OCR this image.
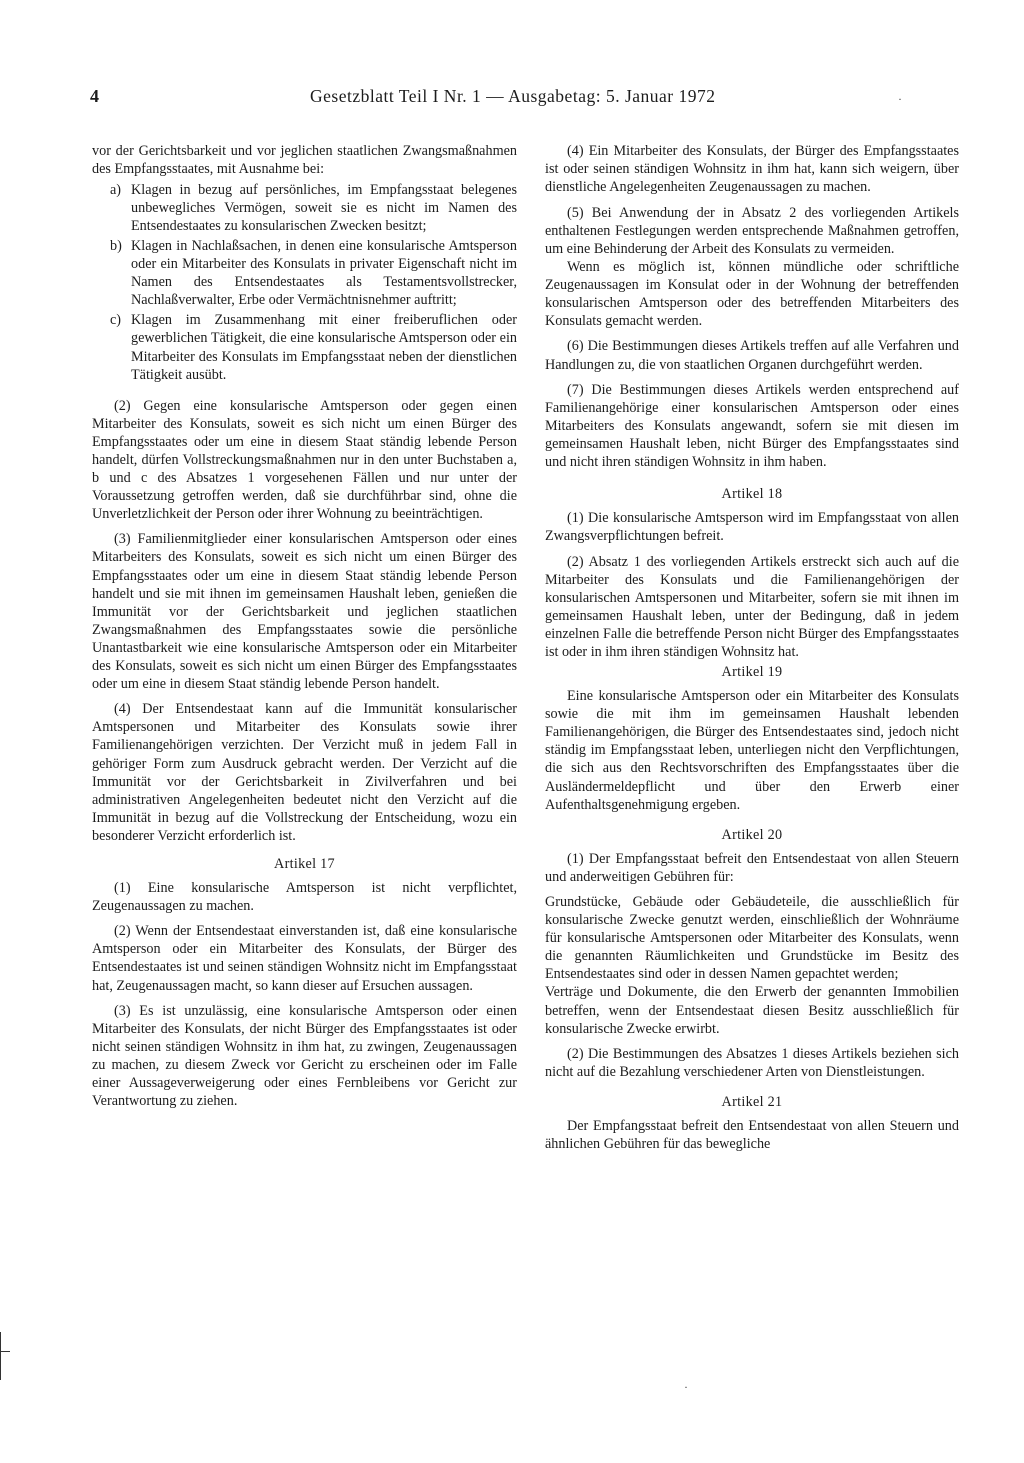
4	Gesetzblatt Teil I Nr. 1 — Ausgabetag: 5. Januar 1972	·
·

vor der Gerichtsbarkeit und vor jeglichen staatlichen Zwangsmaßnahmen des Empfangsstaates, mit Ausnahme bei:

a) Klagen in bezug auf persönliches, im Empfangsstaat belegenes unbewegliches Vermögen, soweit sie es nicht im Namen des Entsendestaates zu konsularischen Zwecken besitzt;
b) Klagen in Nachlaßsachen, in denen eine konsularische Amtsperson oder ein Mitarbeiter des Konsulats in privater Eigenschaft nicht im Namen des Entsendestaates als Testamentsvollstrecker, Nachlaßverwalter, Erbe oder Vermächtnisnehmer auftritt;
c) Klagen im Zusammenhang mit einer freiberuflichen oder gewerblichen Tätigkeit, die eine konsularische Amtsperson oder ein Mitarbeiter des Konsulats im Empfangsstaat neben der dienstlichen Tätigkeit ausübt.

(2) Gegen eine konsularische Amtsperson oder gegen einen Mitarbeiter des Konsulats, soweit es sich nicht um einen Bürger des Empfangsstaates oder um eine in diesem Staat ständig lebende Person handelt, dürfen Vollstreckungsmaßnahmen nur in den unter Buchstaben a, b und c des Absatzes 1 vorgesehenen Fällen und nur unter der Voraussetzung getroffen werden, daß sie durchführbar sind, ohne die Unverletzlichkeit der Person oder ihrer Wohnung zu beeinträchtigen.

(3) Familienmitglieder einer konsularischen Amtsperson oder eines Mitarbeiters des Konsulats, soweit es sich nicht um einen Bürger des Empfangsstaates oder um eine in diesem Staat ständig lebende Person handelt und sie mit ihnen im gemeinsamen Haushalt leben, genießen die Immunität vor der Gerichtsbarkeit und jeglichen staatlichen Zwangsmaßnahmen des Empfangsstaates sowie die persönliche Unantastbarkeit wie eine konsularische Amtsperson oder ein Mitarbeiter des Konsulats, soweit es sich nicht um einen Bürger des Empfangsstaates oder um eine in diesem Staat ständig lebende Person handelt.

(4) Der Entsendestaat kann auf die Immunität konsularischer Amtspersonen und Mitarbeiter des Konsulats sowie ihrer Familienangehörigen verzichten. Der Verzicht muß in jedem Fall in gehöriger Form zum Ausdruck gebracht werden. Der Verzicht auf die Immunität vor der Gerichtsbarkeit in Zivilverfahren und bei administrativen Angelegenheiten bedeutet nicht den Verzicht auf die Immunität in bezug auf die Vollstreckung der Entscheidung, wozu ein besonderer Verzicht erforderlich ist.

Artikel 17

(1) Eine konsularische Amtsperson ist nicht verpflichtet, Zeugenaussagen zu machen.

(2) Wenn der Entsendestaat einverstanden ist, daß eine konsularische Amtsperson oder ein Mitarbeiter des Konsulats, der Bürger des Entsendestaates ist und seinen ständigen Wohnsitz nicht im Empfangsstaat hat, Zeugenaussagen macht, so kann dieser auf Ersuchen aussagen.

(3) Es ist unzulässig, eine konsularische Amtsperson oder einen Mitarbeiter des Konsulats, der nicht Bürger des Empfangsstaates ist oder nicht seinen ständigen Wohnsitz in ihm hat, zu zwingen, Zeugenaussagen zu machen, zu diesem Zweck vor Gericht zu erscheinen oder im Falle einer Aussageverweigerung oder eines Fernbleibens vor Gericht zur Verantwortung zu ziehen.

(4) Ein Mitarbeiter des Konsulats, der Bürger des Empfangsstaates ist oder seinen ständigen Wohnsitz in ihm hat, kann sich weigern, über dienstliche Angelegenheiten Zeugenaussagen zu machen.

(5) Bei Anwendung der in Absatz 2 des vorliegenden Artikels enthaltenen Festlegungen werden entsprechende Maßnahmen getroffen, um eine Behinderung der Arbeit des Konsulats zu vermeiden.

Wenn es möglich ist, können mündliche oder schriftliche Zeugenaussagen im Konsulat oder in der Wohnung der betreffenden konsularischen Amtsperson oder des betreffenden Mitarbeiters des Konsulats gemacht werden.

(6) Die Bestimmungen dieses Artikels treffen auf alle Verfahren und Handlungen zu, die von staatlichen Organen durchgeführt werden.

(7) Die Bestimmungen dieses Artikels werden entsprechend auf Familienangehörige einer konsularischen Amtsperson oder eines Mitarbeiters des Konsulats angewandt, sofern sie mit diesen im gemeinsamen Haushalt leben, nicht Bürger des Empfangsstaates sind und nicht ihren ständigen Wohnsitz in ihm haben.

Artikel 18

(1) Die konsularische Amtsperson wird im Empfangsstaat von allen Zwangsverpflichtungen befreit.

(2) Absatz 1 des vorliegenden Artikels erstreckt sich auch auf die Mitarbeiter des Konsulats und die Familienangehörigen der konsularischen Amtspersonen und Mitarbeiter, sofern sie mit ihnen im gemeinsamen Haushalt leben, unter der Bedingung, daß in jedem einzelnen Falle die betreffende Person nicht Bürger des Empfangsstaates ist oder in ihm ihren ständigen Wohnsitz hat.

Artikel 19

Eine konsularische Amtsperson oder ein Mitarbeiter des Konsulats sowie die mit ihm im gemeinsamen Haushalt lebenden Familienangehörigen, die Bürger des Entsendestaates sind, jedoch nicht ständig im Empfangsstaat leben, unterliegen nicht den Verpflichtungen, die sich aus den Rechtsvorschriften des Empfangsstaates über die Ausländermeldepflicht und über den Erwerb einer Aufenthaltsgenehmigung ergeben.

Artikel 20

(1) Der Empfangsstaat befreit den Entsendestaat von allen Steuern und anderweitigen Gebühren für:

Grundstücke, Gebäude oder Gebäudeteile, die ausschließlich für konsularische Zwecke genutzt werden, einschließlich der Wohnräume für konsularische Amtspersonen oder Mitarbeiter des Konsulats, wenn die genannten Räumlichkeiten und Grundstücke im Besitz des Entsendestaates sind oder in dessen Namen gepachtet werden;

Verträge und Dokumente, die den Erwerb der genannten Immobilien betreffen, wenn der Entsendestaat diesen Besitz ausschließlich für konsularische Zwecke erwirbt.

(2) Die Bestimmungen des Absatzes 1 dieses Artikels beziehen sich nicht auf die Bezahlung verschiedener Arten von Dienstleistungen.

Artikel 21

Der Empfangsstaat befreit den Entsendestaat von allen Steuern und ähnlichen Gebühren für das bewegliche
